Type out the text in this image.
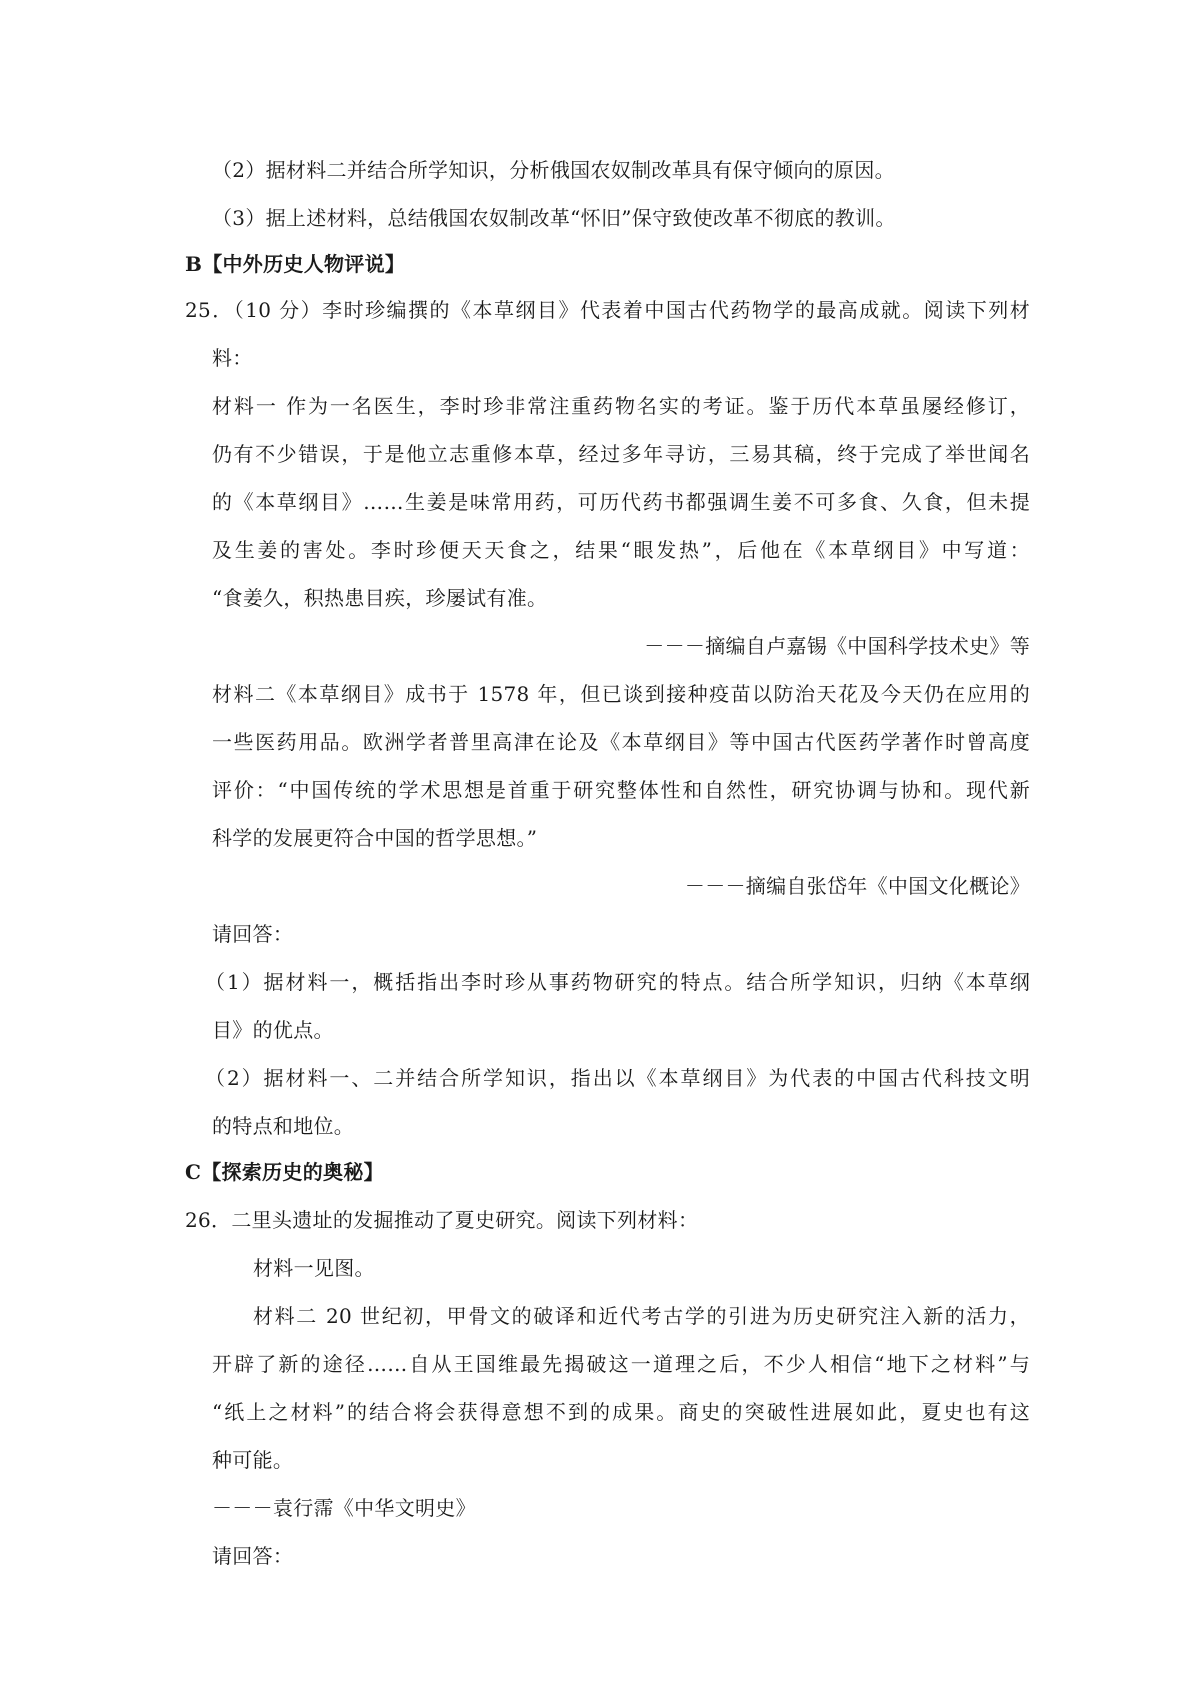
（2）据材料二并结合所学知识，分析俄国农奴制改革具有保守倾向的原因。
（3）据上述材料，总结俄国农奴制改革“怀旧”保守致使改革不彻底的教训。
B【中外历史人物评说】
25．（10 分）李时珍编撰的《本草纲目》代表着中国古代药物学的最高成就。阅读下列材
料：
材料一 作为一名医生，李时珍非常注重药物名实的考证。鉴于历代本草虽屡经修订，
仍有不少错误，于是他立志重修本草，经过多年寻访，三易其稿，终于完成了举世闻名
的《本草纲目》……生姜是味常用药，可历代药书都强调生姜不可多食、久食，但未提
及生姜的害处。李时珍便天天食之，结果“眼发热”，后他在《本草纲目》中写道：
“食姜久，积热患目疾，珍屡试有准。
－－－摘编自卢嘉锡《中国科学技术史》等
材料二《本草纲目》成书于 1578 年，但已谈到接种疫苗以防治天花及今天仍在应用的
一些医药用品。欧洲学者普里高津在论及《本草纲目》等中国古代医药学著作时曾高度
评价：“中国传统的学术思想是首重于研究整体性和自然性，研究协调与协和。现代新
科学的发展更符合中国的哲学思想。”
－－－摘编自张岱年《中国文化概论》
请回答：
（1）据材料一，概括指出李时珍从事药物研究的特点。结合所学知识，归纳《本草纲
目》的优点。
（2）据材料一、二并结合所学知识，指出以《本草纲目》为代表的中国古代科技文明
的特点和地位。
C【探索历史的奥秘】
26．二里头遗址的发掘推动了夏史研究。阅读下列材料：
材料一见图。
材料二 20 世纪初，甲骨文的破译和近代考古学的引进为历史研究注入新的活力，
开辟了新的途径……自从王国维最先揭破这一道理之后，不少人相信“地下之材料”与
“纸上之材料”的结合将会获得意想不到的成果。商史的突破性进展如此，夏史也有这
种可能。
－－－袁行霈《中华文明史》
请回答：
